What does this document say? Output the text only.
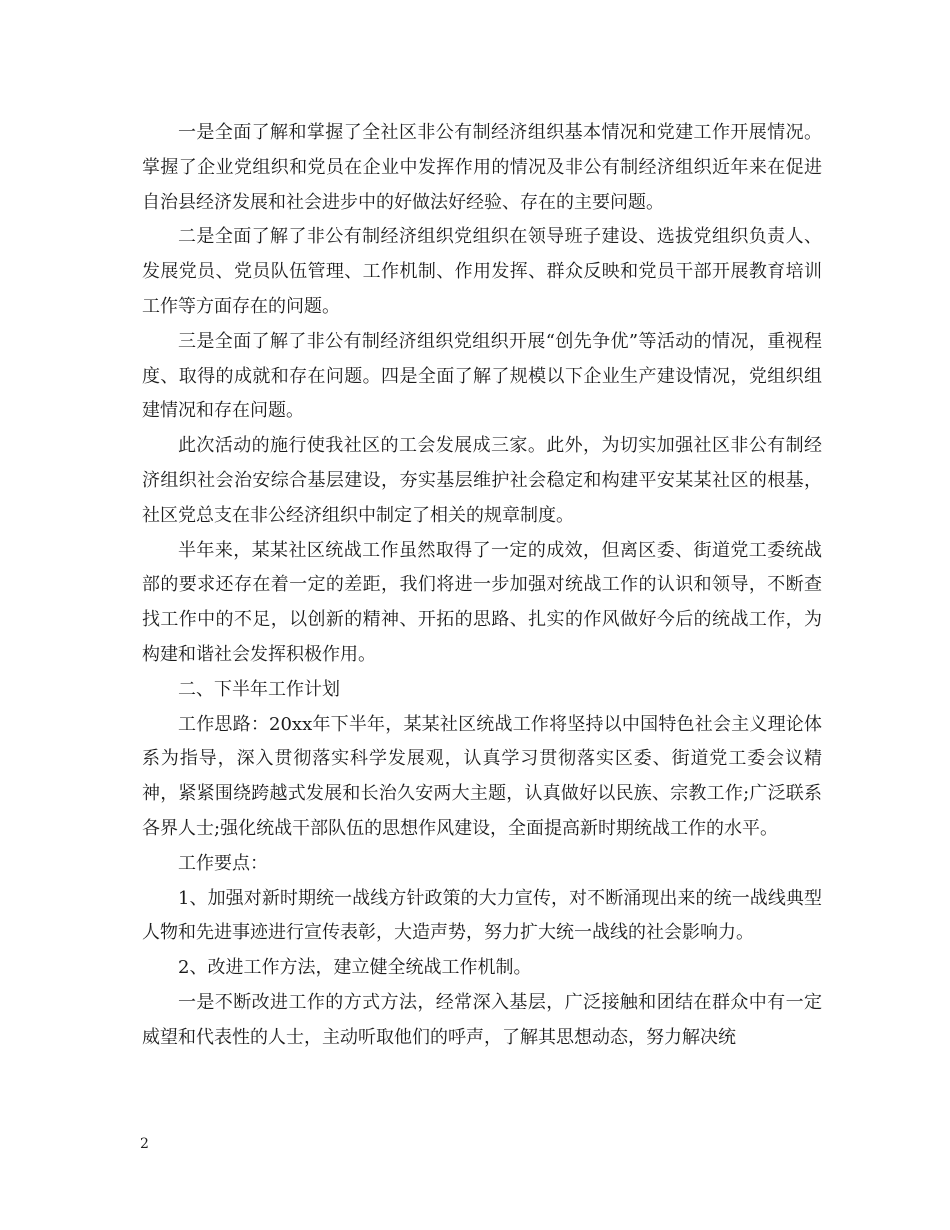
一是全面了解和掌握了全社区非公有制经济组织基本情况和党建工作开展情况。掌握了企业党组织和党员在企业中发挥作用的情况及非公有制经济组织近年来在促进自治县经济发展和社会进步中的好做法好经验、存在的主要问题。

二是全面了解了非公有制经济组织党组织在领导班子建设、选拔党组织负责人、发展党员、党员队伍管理、工作机制、作用发挥、群众反映和党员干部开展教育培训工作等方面存在的问题。

三是全面了解了非公有制经济组织党组织开展“创先争优”等活动的情况，重视程度、取得的成就和存在问题。四是全面了解了规模以下企业生产建设情况，党组织组建情况和存在问题。

此次活动的施行使我社区的工会发展成三家。此外，为切实加强社区非公有制经济组织社会治安综合基层建设，夯实基层维护社会稳定和构建平安某某社区的根基，社区党总支在非公经济组织中制定了相关的规章制度。

半年来，某某社区统战工作虽然取得了一定的成效，但离区委、街道党工委统战部的要求还存在着一定的差距，我们将进一步加强对统战工作的认识和领导，不断查找工作中的不足，以创新的精神、开拓的思路、扎实的作风做好今后的统战工作，为构建和谐社会发挥积极作用。

二、下半年工作计划

工作思路：20xx年下半年，某某社区统战工作将坚持以中国特色社会主义理论体系为指导，深入贯彻落实科学发展观，认真学习贯彻落实区委、街道党工委会议精神，紧紧围绕跨越式发展和长治久安两大主题，认真做好以民族、宗教工作;广泛联系各界人士;强化统战干部队伍的思想作风建设，全面提高新时期统战工作的水平。

工作要点：

1、加强对新时期统一战线方针政策的大力宣传，对不断涌现出来的统一战线典型人物和先进事迹进行宣传表彰，大造声势，努力扩大统一战线的社会影响力。

2、改进工作方法，建立健全统战工作机制。

一是不断改进工作的方式方法，经常深入基层，广泛接触和团结在群众中有一定威望和代表性的人士，主动听取他们的呼声，了解其思想动态，努力解决统

2
